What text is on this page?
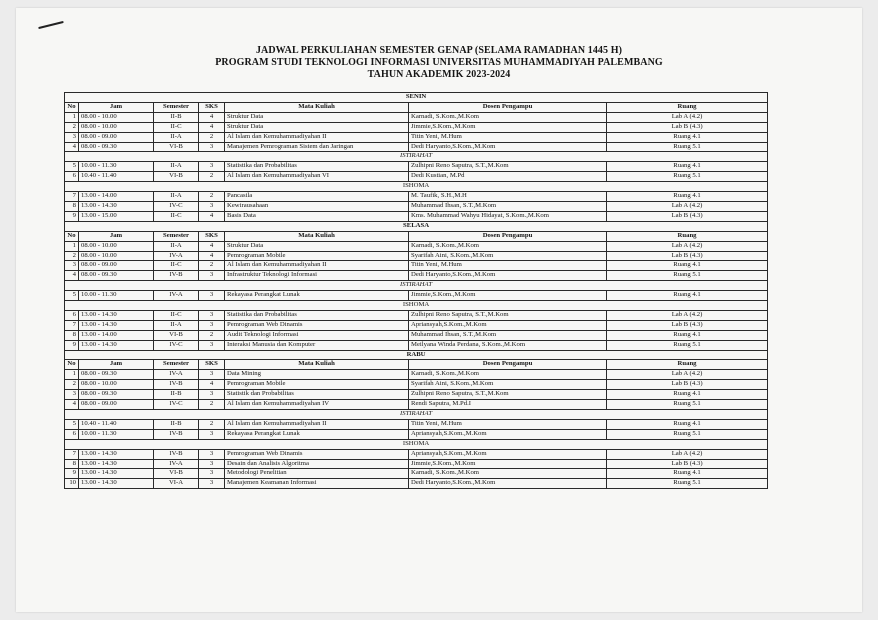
JADWAL PERKULIAHAN SEMESTER GENAP (SELAMA RAMADHAN 1445 H)
PROGRAM STUDI TEKNOLOGI INFORMASI UNIVERSITAS MUHAMMADIYAH PALEMBANG
TAHUN AKADEMIK 2023-2024
SENIN						
No	Jam	Semester	SKS	Mata Kuliah	Dosen Pengampu	Ruang
1	08.00 - 10.00	II-B	4	Struktur Data	Karnadi, S.Kom.,M.Kom	Lab A (4.2)
2	08.00 - 10.00	II-C	4	Struktur Data	Jimmie,S.Kom.,M.Kom	Lab B (4.3)
3	08.00 - 09.00	II-A	2	Al Islam dan Kemuhammadiyahan II	Titin Yeni, M.Hum	Ruang 4.1
4	08.00 - 09.30	VI-B	3	Manajemen Pemrograman Sistem dan Jaringan	Dedi Haryanto,S.Kom.,M.Kom	Ruang 5.1
ISTIRAHAT						
5	10.00 - 11.30	II-A	3	Statistika dan Probabilitas	Zulhipni Reno Saputra, S.T.,M.Kom	Ruang 4.1
6	10.40 - 11.40	VI-B	2	Al Islam dan Kemuhammadiyahan VI	Dedi Kustian, M.Pd	Ruang 5.1
ISHOMA						
7	13.00 - 14.00	II-A	2	Pancasila	M. Taufik, S.H.,M.H	Ruang 4.1
8	13.00 - 14.30	IV-C	3	Kewirausahaan	Muhammad Ihsan, S.T.,M.Kom	Lab A (4.2)
9	13.00 - 15.00	II-C	4	Basis Data	Kms. Muhammad Wahyu Hidayat, S.Kom.,M.Kom	Lab B (4.3)
SELASA						
No	Jam	Semester	SKS	Mata Kuliah	Dosen Pengampu	Ruang
1	08.00 - 10.00	II-A	4	Struktur Data	Karnadi, S.Kom.,M.Kom	Lab A (4.2)
2	08.00 - 10.00	IV-A	4	Pemrograman Mobile	Syarifah Aini, S.Kom.,M.Kom	Lab B (4.3)
3	08.00 - 09.00	II-C	2	Al Islam dan Kemuhammadiyahan II	Titin Yeni, M.Hum	Ruang 4.1
4	08.00 - 09.30	IV-B	3	Infrastruktur Teknologi Informasi	Dedi Haryanto,S.Kom.,M.Kom	Ruang 5.1
ISTIRAHAT						
5	10.00 - 11.30	IV-A	3	Rekayasa Perangkat Lunak	Jimmie,S.Kom.,M.Kom	Ruang 4.1
ISHOMA						
6	13.00 - 14.30	II-C	3	Statistika dan Probabilitas	Zulhipni Reno Saputra, S.T.,M.Kom	Lab A (4.2)
7	13.00 - 14.30	II-A	3	Pemrograman Web Dinamis	Apriansyah,S.Kom.,M.Kom	Lab B (4.3)
8	13.00 - 14.00	VI-B	2	Audit Teknologi Informasi	Muhammad Ihsan, S.T.,M.Kom	Ruang 4.1
9	13.00 - 14.30	IV-C	3	Interaksi Manusia dan Komputer	Meilyana Winda Perdana, S.Kom.,M.Kom	Ruang 5.1
RABU						
No	Jam	Semester	SKS	Mata Kuliah	Dosen Pengampu	Ruang
1	08.00 - 09.30	IV-A	3	Data Mining	Karnadi, S.Kom.,M.Kom	Lab A (4.2)
2	08.00 - 10.00	IV-B	4	Pemrograman Mobile	Syarifah Aini, S.Kom.,M.Kom	Lab B (4.3)
3	08.00 - 09.30	II-B	3	Statistik dan Probabilitas	Zulhipni Reno Saputra, S.T.,M.Kom	Ruang 4.1
4	08.00 - 09.00	IV-C	2	Al Islam dan Kemuhammadiyahan IV	Rendi Saputra, M.Pd.I	Ruang 5.1
ISTIRAHAT						
5	10.40 - 11.40	II-B	2	Al Islam dan Kemuhammadiyahan II	Titin Yeni, M.Hum	Ruang 4.1
6	10.00 - 11.30	IV-B	3	Rekayasa Perangkat Lunak	Apriansyah,S.Kom.,M.Kom	Ruang 5.1
ISHOMA						
7	13.00 - 14.30	IV-B	3	Pemrograman Web Dinamis	Apriansyah,S.Kom.,M.Kom	Lab A (4.2)
8	13.00 - 14.30	IV-A	3	Desain dan Analisis Algoritma	Jimmie,S.Kom.,M.Kom	Lab B (4.3)
9	13.00 - 14.30	VI-B	3	Metodologi Penelitian	Karnadi, S.Kom.,M.Kom	Ruang 4.1
10	13.00 - 14.30	VI-A	3	Manajemen Keamanan Informasi	Dedi Haryanto,S.Kom.,M.Kom	Ruang 5.1
